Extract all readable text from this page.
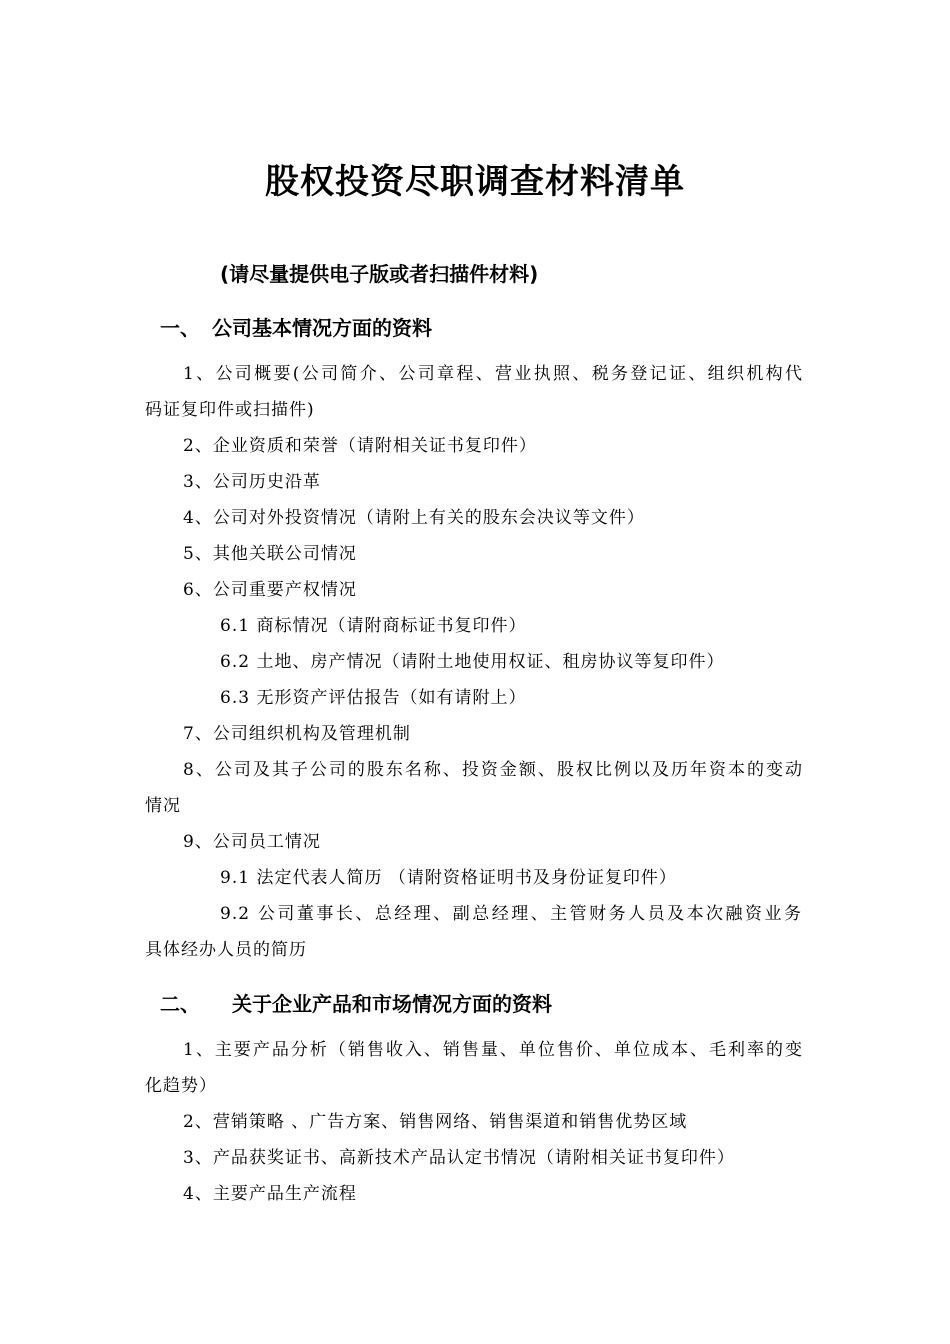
股权投资尽职调查材料清单
(请尽量提供电子版或者扫描件材料)
一、 公司基本情况方面的资料
1、公司概要(公司简介、公司章程、营业执照、税务登记证、组织机构代
码证复印件或扫描件)
2、企业资质和荣誉（请附相关证书复印件）
3、公司历史沿革
4、公司对外投资情况（请附上有关的股东会决议等文件）
5、其他关联公司情况
6、公司重要产权情况
6.1 商标情况（请附商标证书复印件）
6.2 土地、房产情况（请附土地使用权证、租房协议等复印件）
6.3 无形资产评估报告（如有请附上）
7、公司组织机构及管理机制
8、公司及其子公司的股东名称、投资金额、股权比例以及历年资本的变动
情况
9、公司员工情况
9.1 法定代表人简历 （请附资格证明书及身份证复印件）
9.2 公司董事长、总经理、副总经理、主管财务人员及本次融资业务
具体经办人员的简历
二、 关于企业产品和市场情况方面的资料
1、主要产品分析（销售收入、销售量、单位售价、单位成本、毛利率的变
化趋势）
2、营销策略 、广告方案、销售网络、销售渠道和销售优势区域
3、产品获奖证书、高新技术产品认定书情况（请附相关证书复印件）
4、主要产品生产流程
